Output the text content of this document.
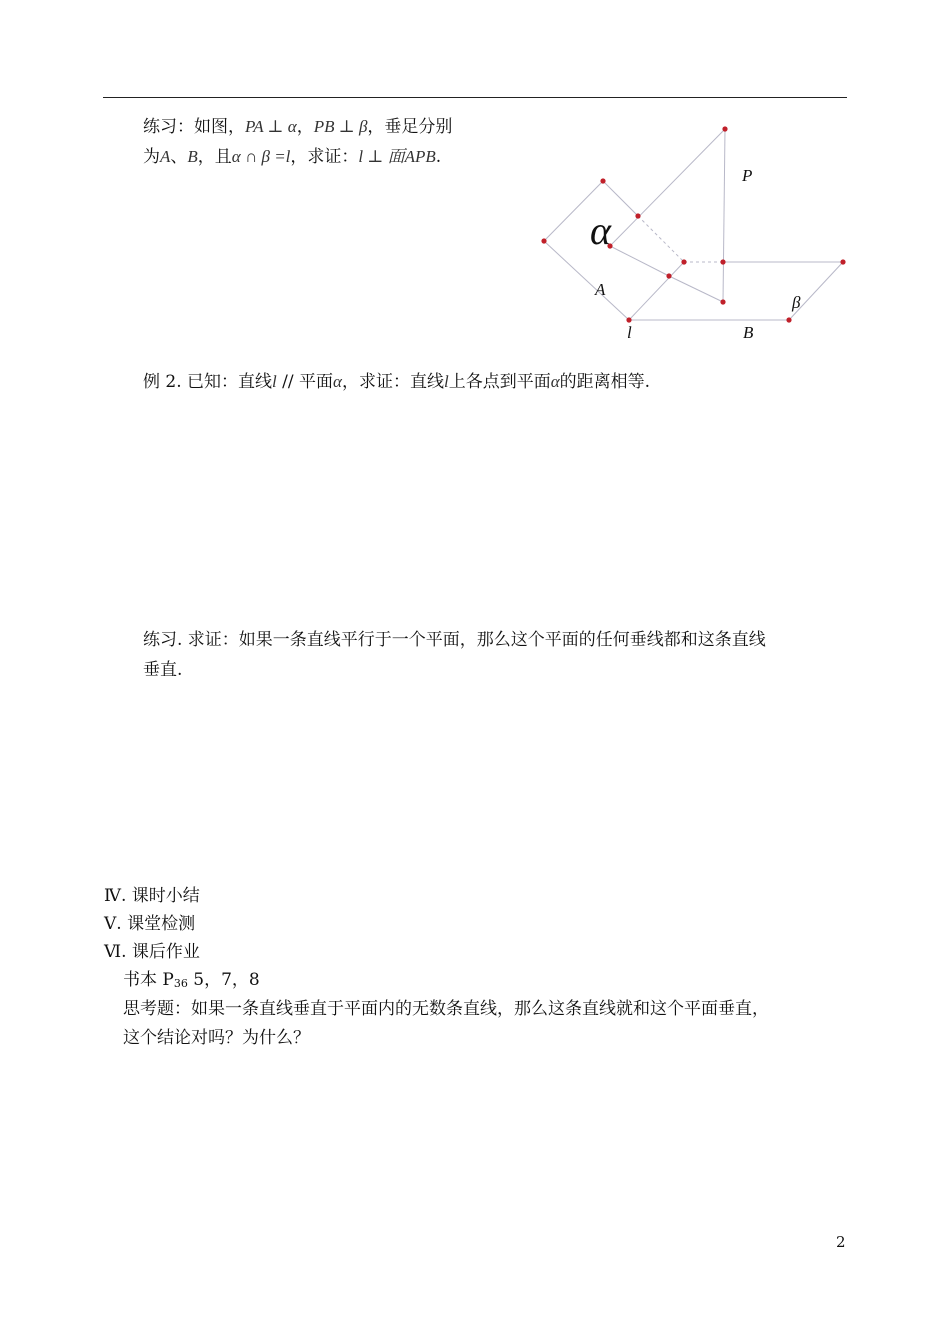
练习：如图，PA ⊥ α，PB ⊥ β，垂足分别
为A、B，且α ∩ β =l，求证：l ⊥ 面APB.
P
α
A
β
l	B
例 2. 已知：直线l // 平面α，求证：直线l上各点到平面α的距离相等.
练习. 求证：如果一条直线平行于一个平面，那么这个平面的任何垂线都和这条直线
垂直.
Ⅳ. 课时小结
Ⅴ. 课堂检测
Ⅵ. 课后作业
书本 P36 5，7，8
思考题：如果一条直线垂直于平面内的无数条直线，那么这条直线就和这个平面垂直，
这个结论对吗？为什么？
2
